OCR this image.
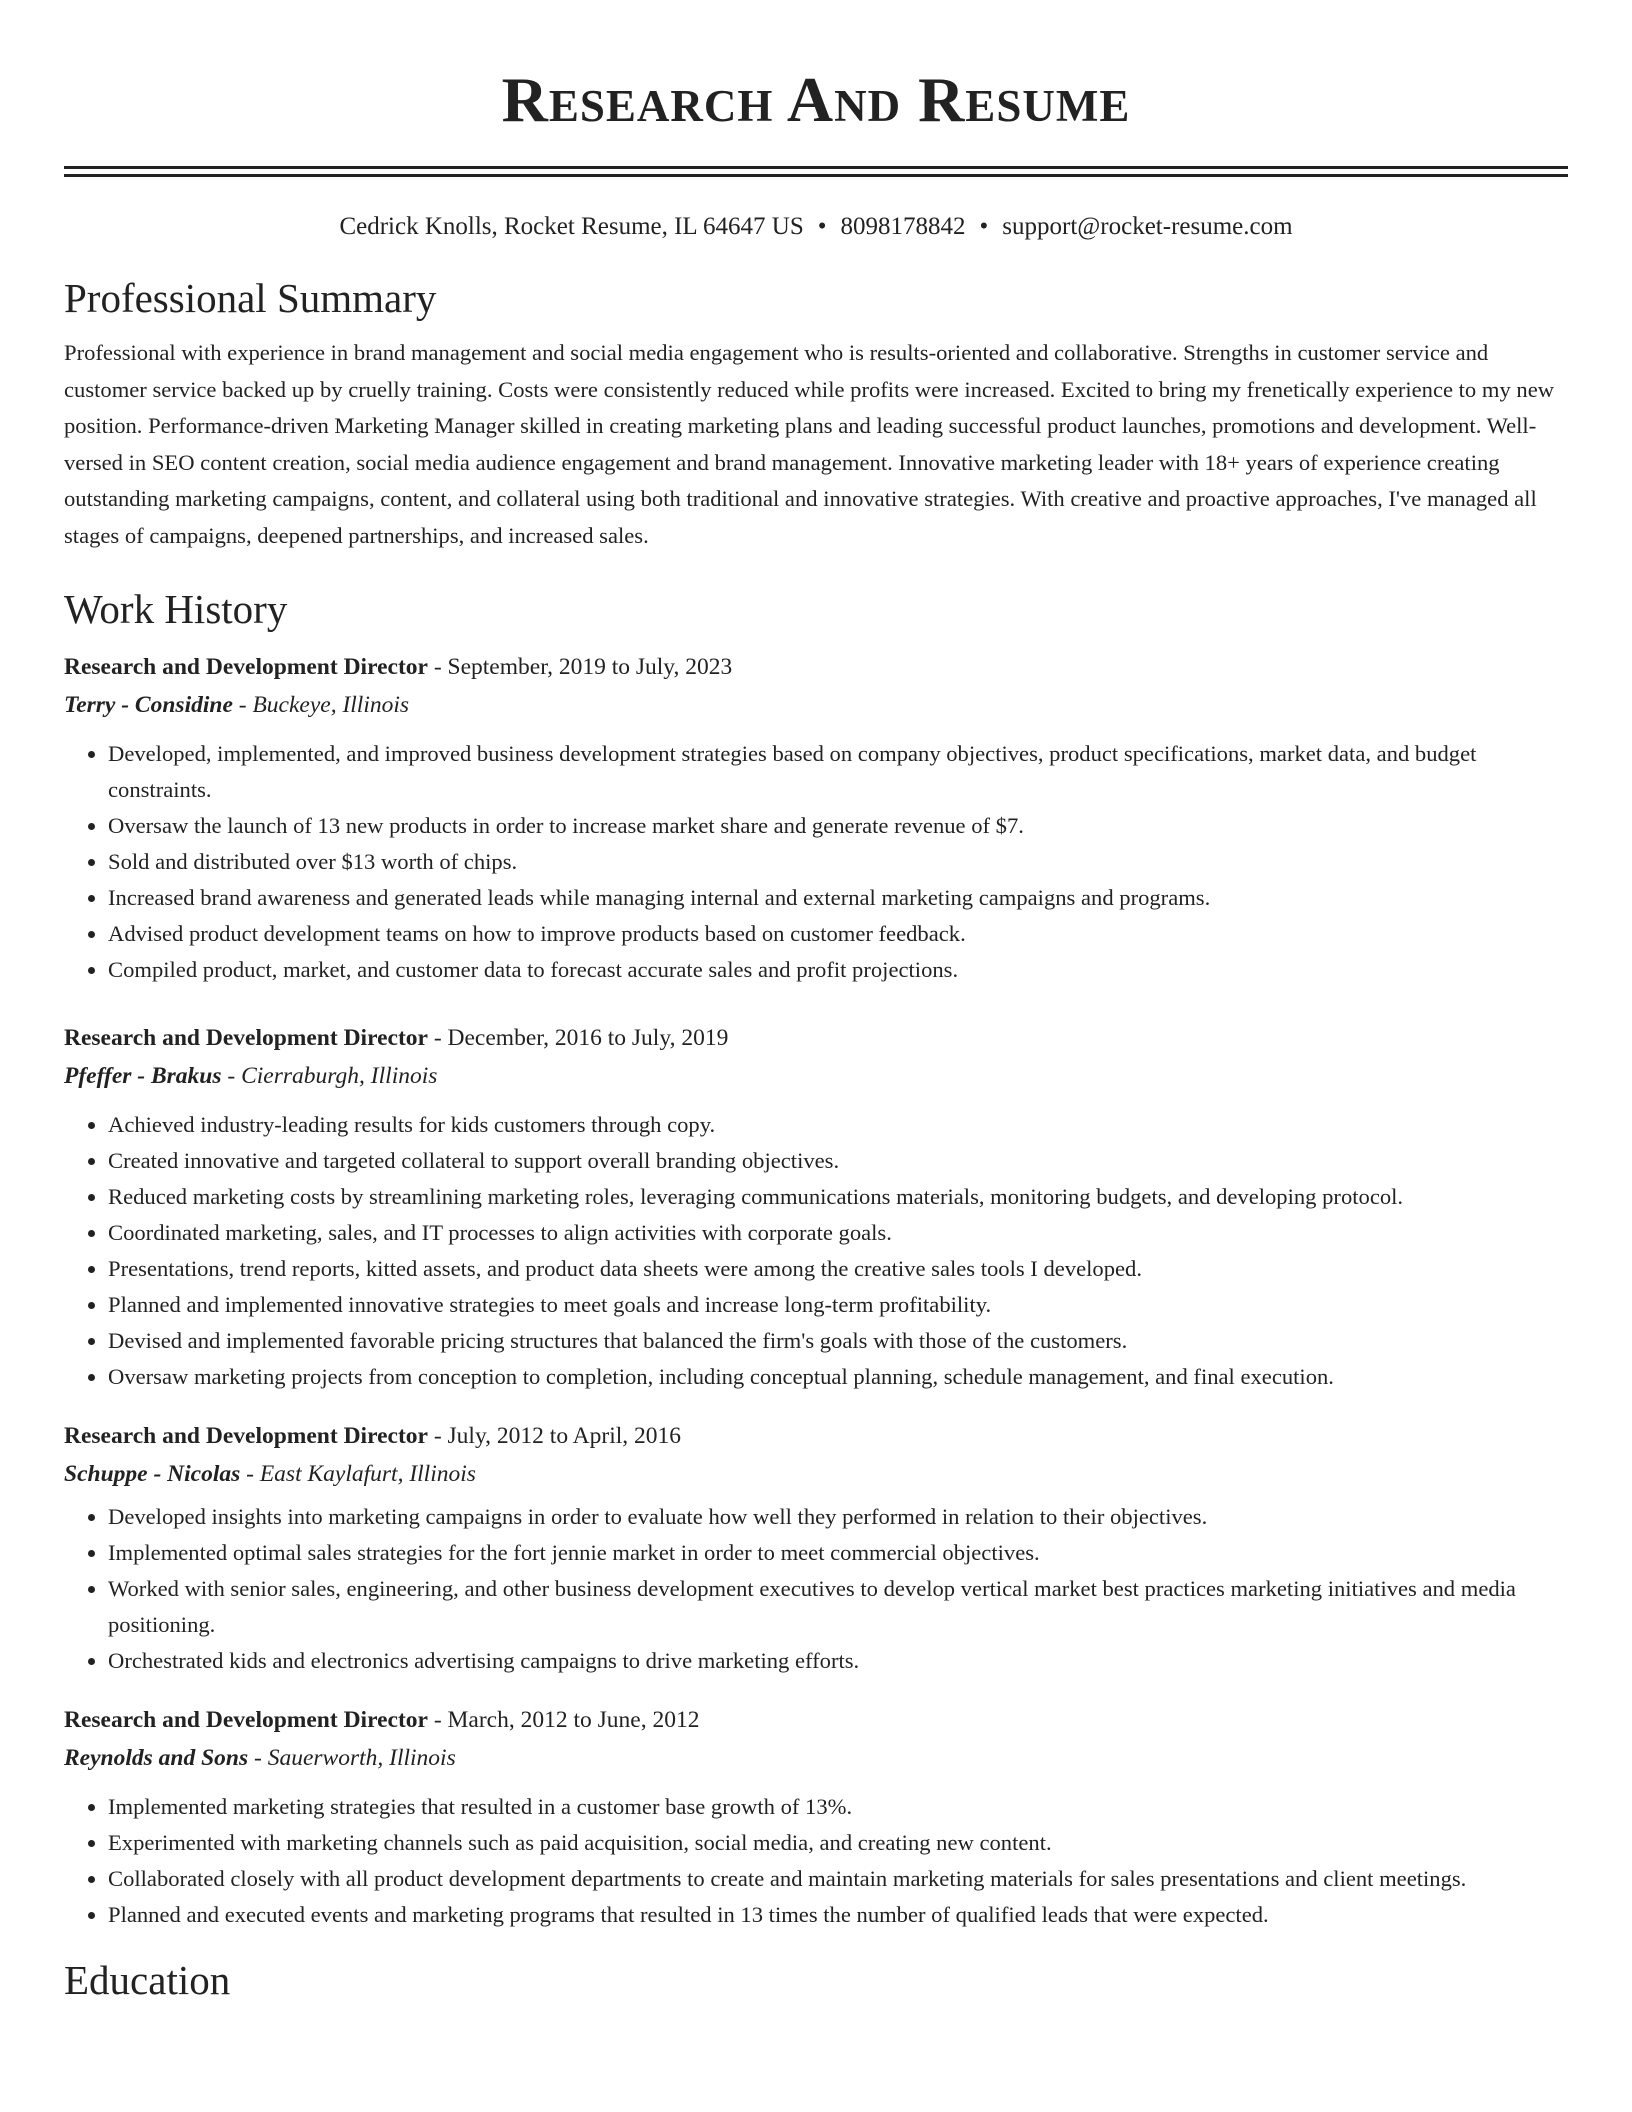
Research And Resume
Cedrick Knolls, Rocket Resume, IL 64647 US • 8098178842 • support@rocket-resume.com
Professional Summary

Professional with experience in brand management and social media engagement who is results-oriented and collaborative. Strengths in customer service and customer service backed up by cruelly training. Costs were consistently reduced while profits were increased. Excited to bring my frenetically experience to my new position. Performance-driven Marketing Manager skilled in creating marketing plans and leading successful product launches, promotions and development. Well-versed in SEO content creation, social media audience engagement and brand management. Innovative marketing leader with 18+ years of experience creating outstanding marketing campaigns, content, and collateral using both traditional and innovative strategies. With creative and proactive approaches, I've managed all stages of campaigns, deepened partnerships, and increased sales.

Work History
Research and Development Director - September, 2019 to July, 2023
Terry - Considine - Buckeye, Illinois
• Developed, implemented, and improved business development strategies based on company objectives, product specifications, market data, and budget constraints.
• Oversaw the launch of 13 new products in order to increase market share and generate revenue of $7.
• Sold and distributed over $13 worth of chips.
• Increased brand awareness and generated leads while managing internal and external marketing campaigns and programs.
• Advised product development teams on how to improve products based on customer feedback.
• Compiled product, market, and customer data to forecast accurate sales and profit projections.
Research and Development Director - December, 2016 to July, 2019
Pfeffer - Brakus - Cierraburgh, Illinois
• Achieved industry-leading results for kids customers through copy.
• Created innovative and targeted collateral to support overall branding objectives.
• Reduced marketing costs by streamlining marketing roles, leveraging communications materials, monitoring budgets, and developing protocol.
• Coordinated marketing, sales, and IT processes to align activities with corporate goals.
• Presentations, trend reports, kitted assets, and product data sheets were among the creative sales tools I developed.
• Planned and implemented innovative strategies to meet goals and increase long-term profitability.
• Devised and implemented favorable pricing structures that balanced the firm's goals with those of the customers.
• Oversaw marketing projects from conception to completion, including conceptual planning, schedule management, and final execution.
Research and Development Director - July, 2012 to April, 2016
Schuppe - Nicolas - East Kaylafurt, Illinois
• Developed insights into marketing campaigns in order to evaluate how well they performed in relation to their objectives.
• Implemented optimal sales strategies for the fort jennie market in order to meet commercial objectives.
• Worked with senior sales, engineering, and other business development executives to develop vertical market best practices marketing initiatives and media positioning.
• Orchestrated kids and electronics advertising campaigns to drive marketing efforts.
Research and Development Director - March, 2012 to June, 2012
Reynolds and Sons - Sauerworth, Illinois
• Implemented marketing strategies that resulted in a customer base growth of 13%.
• Experimented with marketing channels such as paid acquisition, social media, and creating new content.
• Collaborated closely with all product development departments to create and maintain marketing materials for sales presentations and client meetings.
• Planned and executed events and marketing programs that resulted in 13 times the number of qualified leads that were expected.
Education
